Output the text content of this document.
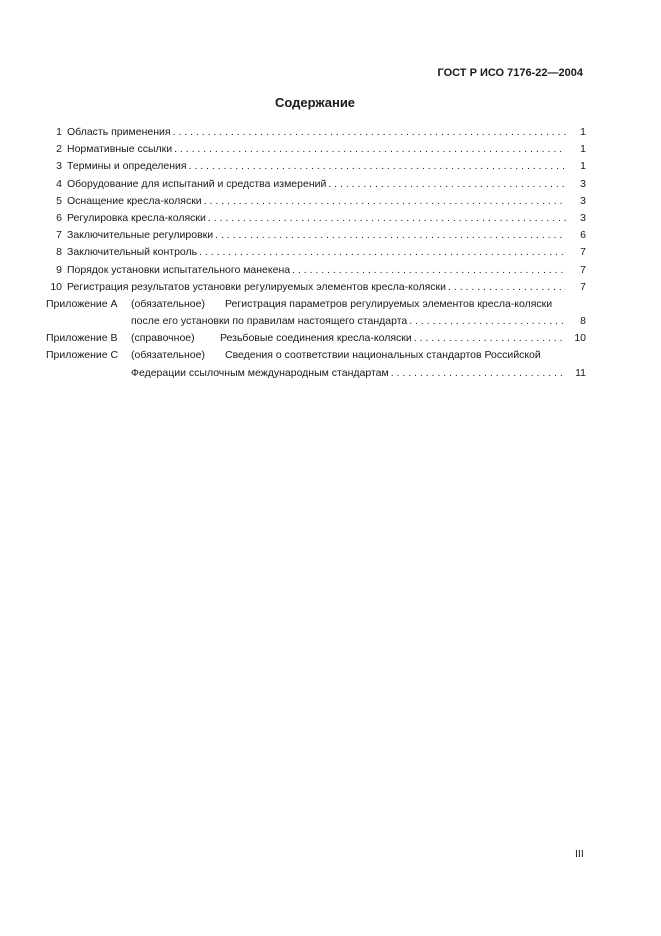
ГОСТ Р ИСО 7176-22—2004
Содержание
1 Область применения . . .	1
2 Нормативные ссылки . . .	1
3 Термины и определения . . .	1
4 Оборудование для испытаний и средства измерений . . .	3
5 Оснащение кресла-коляски . . .	3
6 Регулировка кресла-коляски . . .	3
7 Заключительные регулировки . . .	6
8 Заключительный контроль . . .	7
9 Порядок установки испытательного манекена . . .	7
10 Регистрация результатов установки регулируемых элементов кресла-коляски . . .	7
Приложение А	(обязательное)	Регистрация параметров регулируемых элементов кресла-коляски
после его установки по правилам настоящего стандарта . . .	8
Приложение В	(справочное)	Резьбовые соединения кресла-коляски . . .	10
Приложение С	(обязательное)	Сведения о соответствии национальных стандартов Российской
Федерации ссылочным международным стандартам . . .	11
III
